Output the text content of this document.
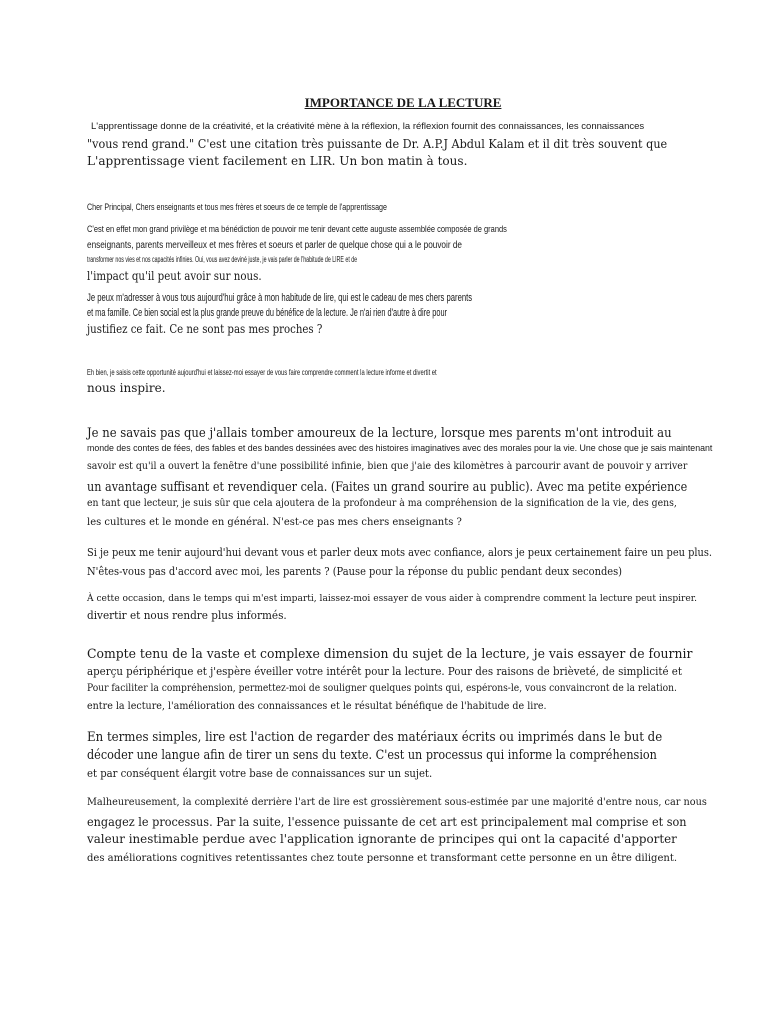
IMPORTANCE DE LA LECTURE
L'apprentissage donne de la créativité, et la créativité mène à la réflexion, la réflexion fournit des connaissances, les connaissances
"vous rend grand." C'est une citation très puissante de Dr. A.P.J Abdul Kalam et il dit très souvent que
L'apprentissage vient facilement en LIR. Un bon matin à tous.
Cher Principal, Chers enseignants et tous mes frères et soeurs de ce temple de l'apprentissage
C'est en effet mon grand privilège et ma bénédiction de pouvoir me tenir devant cette auguste assemblée composée de grands
enseignants, parents merveilleux et mes frères et soeurs et parler de quelque chose qui a le pouvoir de
transformer nos vies et nos capacités infinies. Oui, vous avez deviné juste, je vais parler de l'habitude de LIRE et de
l'impact qu'il peut avoir sur nous.
Je peux m'adresser à vous tous aujourd'hui grâce à mon habitude de lire, qui est le cadeau de mes chers parents
et ma famille. Ce bien social est la plus grande preuve du bénéfice de la lecture. Je n'ai rien d'autre à dire pour
justifiez ce fait. Ce ne sont pas mes proches ?
Eh bien, je saisis cette opportunité aujourd'hui et laissez-moi essayer de vous faire comprendre comment la lecture informe et divertit et
nous inspire.
Je ne savais pas que j'allais tomber amoureux de la lecture, lorsque mes parents m'ont introduit au
monde des contes de fées, des fables et des bandes dessinées avec des histoires imaginatives avec des morales pour la vie. Une chose que je sais maintenant
savoir est qu'il a ouvert la fenêtre d'une possibilité infinie, bien que j'aie des kilomètres à parcourir avant de pouvoir y arriver
un avantage suffisant et revendiquer cela. (Faites un grand sourire au public). Avec ma petite expérience
en tant que lecteur, je suis sûr que cela ajoutera de la profondeur à ma compréhension de la signification de la vie, des gens,
les cultures et le monde en général. N'est-ce pas mes chers enseignants ?
Si je peux me tenir aujourd'hui devant vous et parler deux mots avec confiance, alors je peux certainement faire un peu plus.
N'êtes-vous pas d'accord avec moi, les parents ? (Pause pour la réponse du public pendant deux secondes)
À cette occasion, dans le temps qui m'est imparti, laissez-moi essayer de vous aider à comprendre comment la lecture peut inspirer.
divertir et nous rendre plus informés.
Compte tenu de la vaste et complexe dimension du sujet de la lecture, je vais essayer de fournir
aperçu périphérique et j'espère éveiller votre intérêt pour la lecture. Pour des raisons de brièveté, de simplicité et
Pour faciliter la compréhension, permettez-moi de souligner quelques points qui, espérons-le, vous convaincront de la relation.
entre la lecture, l'amélioration des connaissances et le résultat bénéfique de l'habitude de lire.
En termes simples, lire est l'action de regarder des matériaux écrits ou imprimés dans le but de
décoder une langue afin de tirer un sens du texte. C'est un processus qui informe la compréhension
et par conséquent élargit votre base de connaissances sur un sujet.
Malheureusement, la complexité derrière l'art de lire est grossièrement sous-estimée par une majorité d'entre nous, car nous
engagez le processus. Par la suite, l'essence puissante de cet art est principalement mal comprise et son
valeur inestimable perdue avec l'application ignorante de principes qui ont la capacité d'apporter
des améliorations cognitives retentissantes chez toute personne et transformant cette personne en un être diligent.
